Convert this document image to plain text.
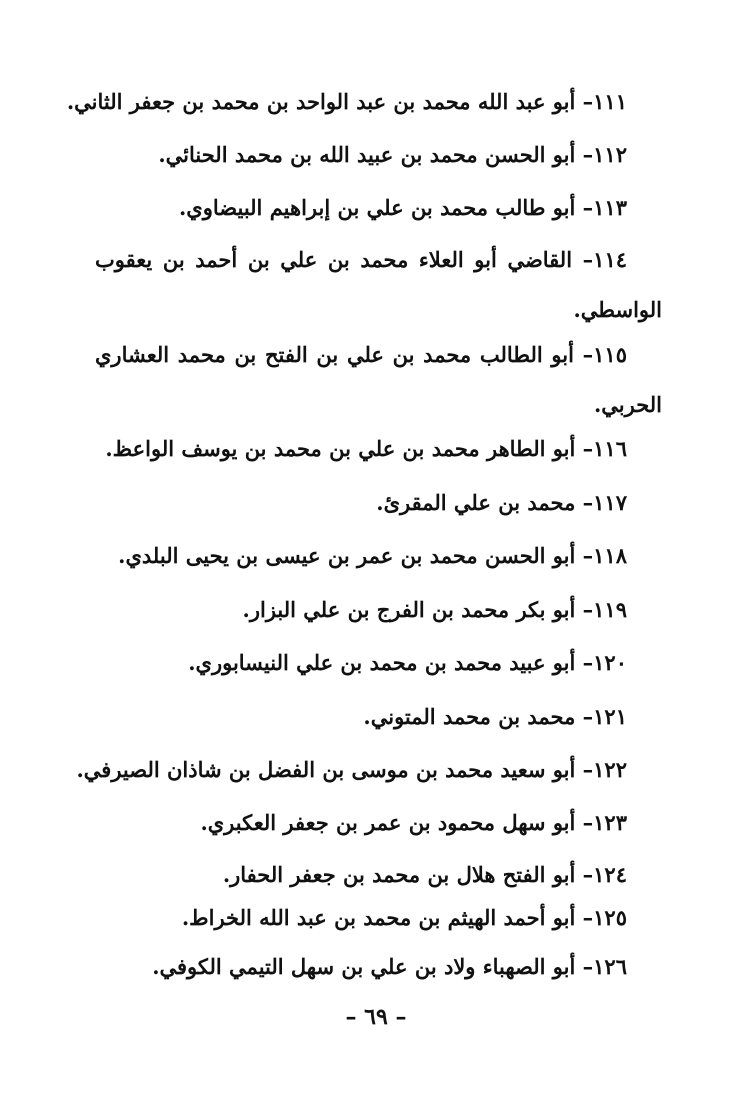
١١١– أبو عبد الله محمد بن عبد الواحد بن محمد بن جعفر الثاني.
١١٢– أبو الحسن محمد بن عبيد الله بن محمد الحنائي.
١١٣– أبو طالب محمد بن علي بن إبراهيم البيضاوي.
١١٤– القاضي أبو العلاء محمد بن علي بن أحمد بن يعقوب
الواسطي.
١١٥– أبو الطالب محمد بن علي بن الفتح بن محمد العشاري
الحربي.
١١٦– أبو الطاهر محمد بن علي بن محمد بن يوسف الواعظ.
١١٧– محمد بن علي المقرئ.
١١٨– أبو الحسن محمد بن عمر بن عيسى بن يحيى البلدي.
١١٩– أبو بكر محمد بن الفرج بن علي البزار.
١٢٠– أبو عبيد محمد بن محمد بن علي النيسابوري.
١٢١– محمد بن محمد المتوني.
١٢٢– أبو سعيد محمد بن موسى بن الفضل بن شاذان الصيرفي.
١٢٣– أبو سهل محمود بن عمر بن جعفر العكبري.
١٢٤– أبو الفتح هلال بن محمد بن جعفر الحفار.
١٢٥– أبو أحمد الهيثم بن محمد بن عبد الله الخراط.
١٢٦– أبو الصهباء ولاد بن علي بن سهل التيمي الكوفي.
– ٦٩ –
